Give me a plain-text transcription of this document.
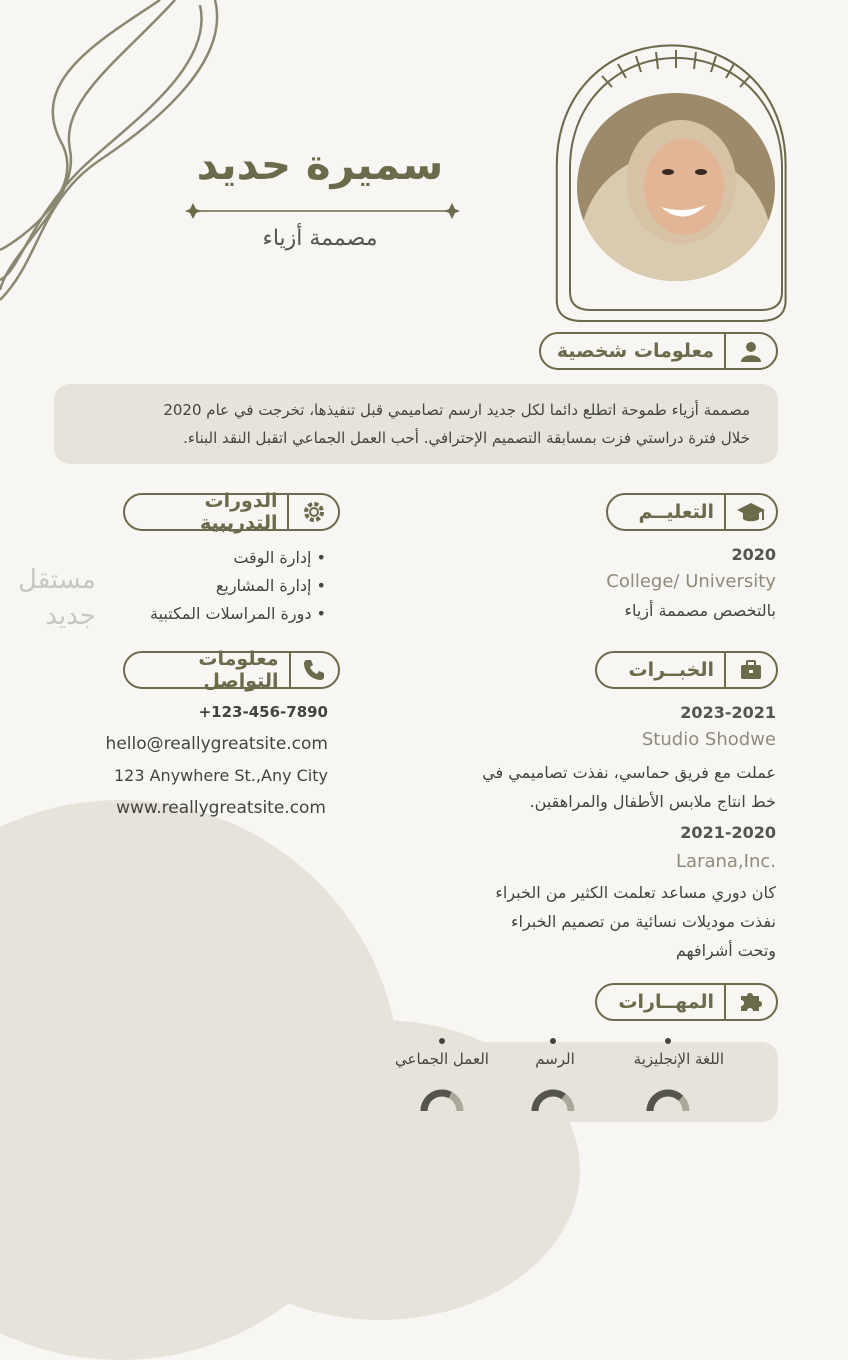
سميرة حديد
مصممة أزياء
معلومات شخصية
مصممة أزياء طموحة اتطلع دائما لكل جديد ارسم تصاميمي قبل تنفيذها، تخرجت في عام 2020
خلال فترة دراستي فزت بمسابقة التصميم الإحترافي. أحب العمل الجماعي اتقبل النقد البناء.
التعليــم
2020
College/ University
بالتخصص مصممة أزياء
الدورات التدريبية
• إدارة الوقت
• إدارة المشاريع
• دورة المراسلات المكتبية
مستقل
جديد
معلومات التواصل
+123-456-7890
hello@reallygreatsite.com
123 Anywhere St.,Any City
www.reallygreatsite.com
الخبــرات
2023-2021
Studio Shodwe
عملت مع فريق حماسي، نفذت تصاميمي في
خط انتاج ملابس الأطفال والمراهقين.
2021-2020
Larana,Inc.
كان دوري مساعد تعلمت الكثير من الخبراء
نفذت موديلات نسائية من تصميم الخبراء
وتحت أشرافهم
المهــارات
اللغة الإنجليزية
الرسم
العمل الجماعي
